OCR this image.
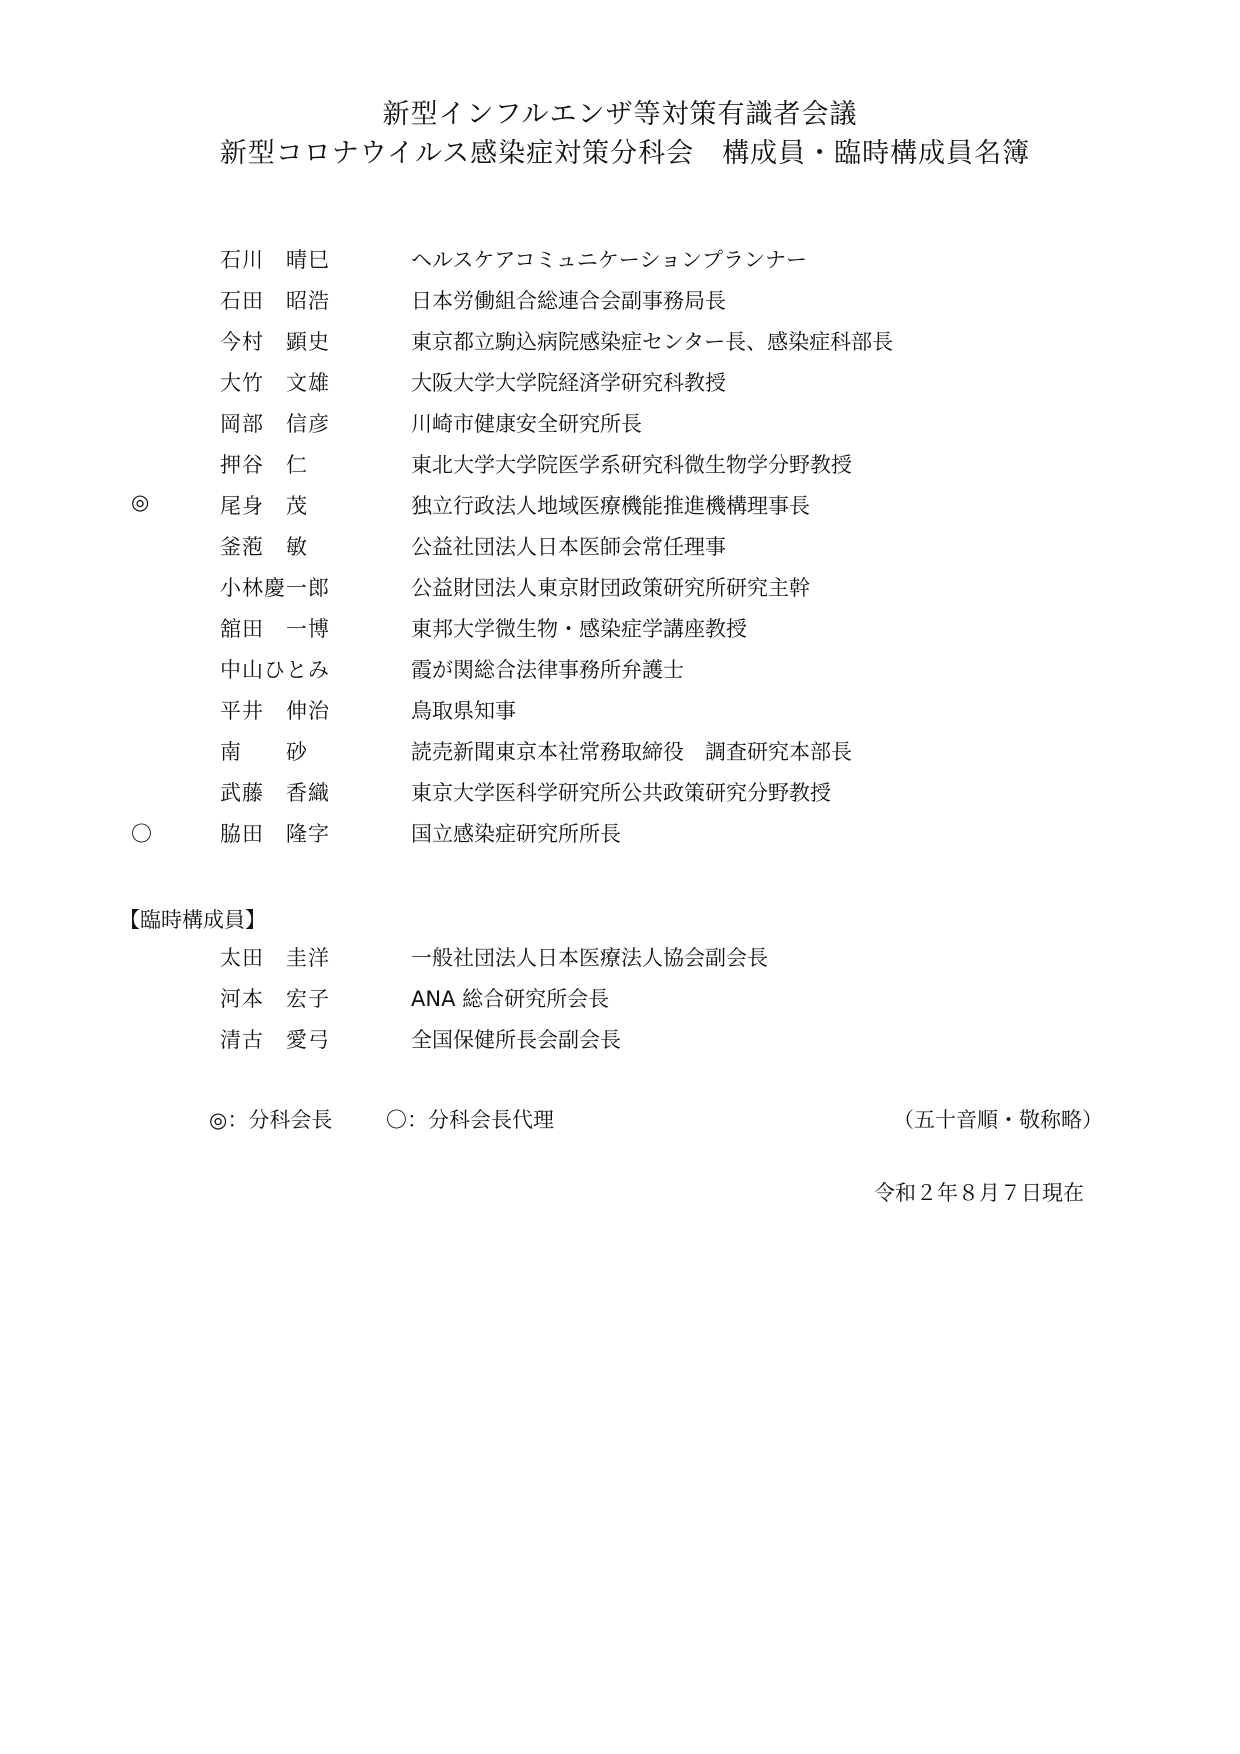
新型インフルエンザ等対策有識者会議
新型コロナウイルス感染症対策分科会　構成員・臨時構成員名簿
石川　晴巳	ヘルスケアコミュニケーションプランナー
石田　昭浩	日本労働組合総連合会副事務局長
今村　顕史	東京都立駒込病院感染症センター長、感染症科部長
大竹　文雄	大阪大学大学院経済学研究科教授
岡部　信彦	川崎市健康安全研究所長
押谷　仁	東北大学大学院医学系研究科微生物学分野教授
◎	尾身　茂	独立行政法人地域医療機能推進機構理事長
釜萢　敏	公益社団法人日本医師会常任理事
小林慶一郎	公益財団法人東京財団政策研究所研究主幹
舘田　一博	東邦大学微生物・感染症学講座教授
中山ひとみ	霞が関総合法律事務所弁護士
平井　伸治	鳥取県知事
南　　砂	読売新聞東京本社常務取締役　調査研究本部長
武藤　香織	東京大学医科学研究所公共政策研究分野教授
〇	脇田　隆字	国立感染症研究所所長
【臨時構成員】
太田　圭洋	一般社団法人日本医療法人協会副会長
河本　宏子	ANA 総合研究所会長
清古　愛弓	全国保健所長会副会長
◎：分科会長	〇：分科会長代理	（五十音順・敬称略）
令和２年８月７日現在
